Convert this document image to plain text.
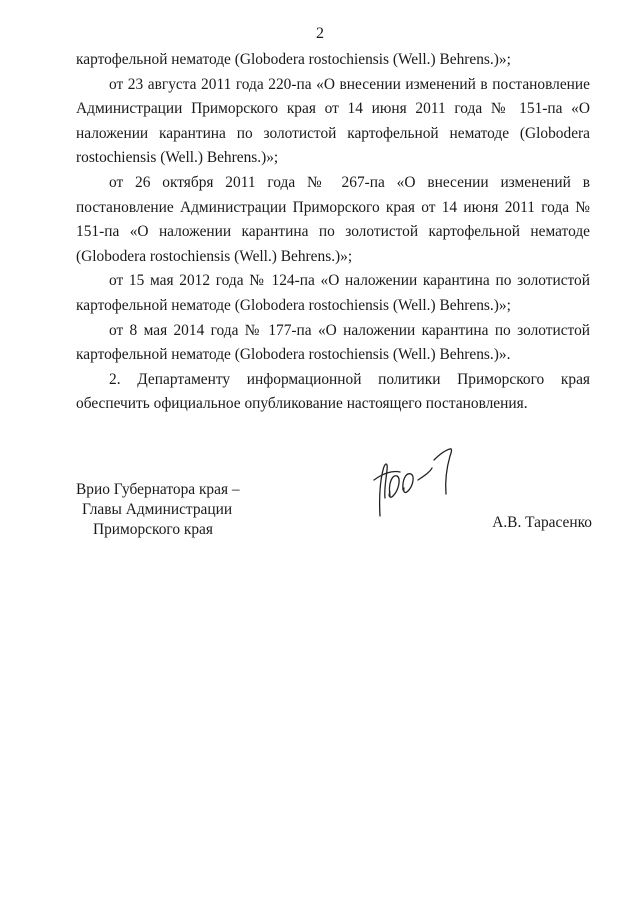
2

картофельной нематоде (Globodera rostochiensis (Well.) Behrens.)»;

от 23 августа 2011 года 220-па «О внесении изменений в постановление Администрации Приморского края от 14 июня 2011 года № 151-па «О наложении карантина по золотистой картофельной нематоде (Globodera rostochiensis (Well.) Behrens.)»;

от 26 октября 2011 года № 267-па «О внесении изменений в постановление Администрации Приморского края от 14 июня 2011 года № 151-па «О наложении карантина по золотистой картофельной нематоде (Globodera rostochiensis (Well.) Behrens.)»;

от 15 мая 2012 года № 124-па «О наложении карантина по золотистой картофельной нематоде (Globodera rostochiensis (Well.) Behrens.)»;

от 8 мая 2014 года № 177-па «О наложении карантина по золотистой картофельной нематоде (Globodera rostochiensis (Well.) Behrens.)».

2. Департаменту информационной политики Приморского края обеспечить официальное опубликование настоящего постановления.

Врио Губернатора края –
Главы Администрации
Приморского края	А.В. Тарасенко
